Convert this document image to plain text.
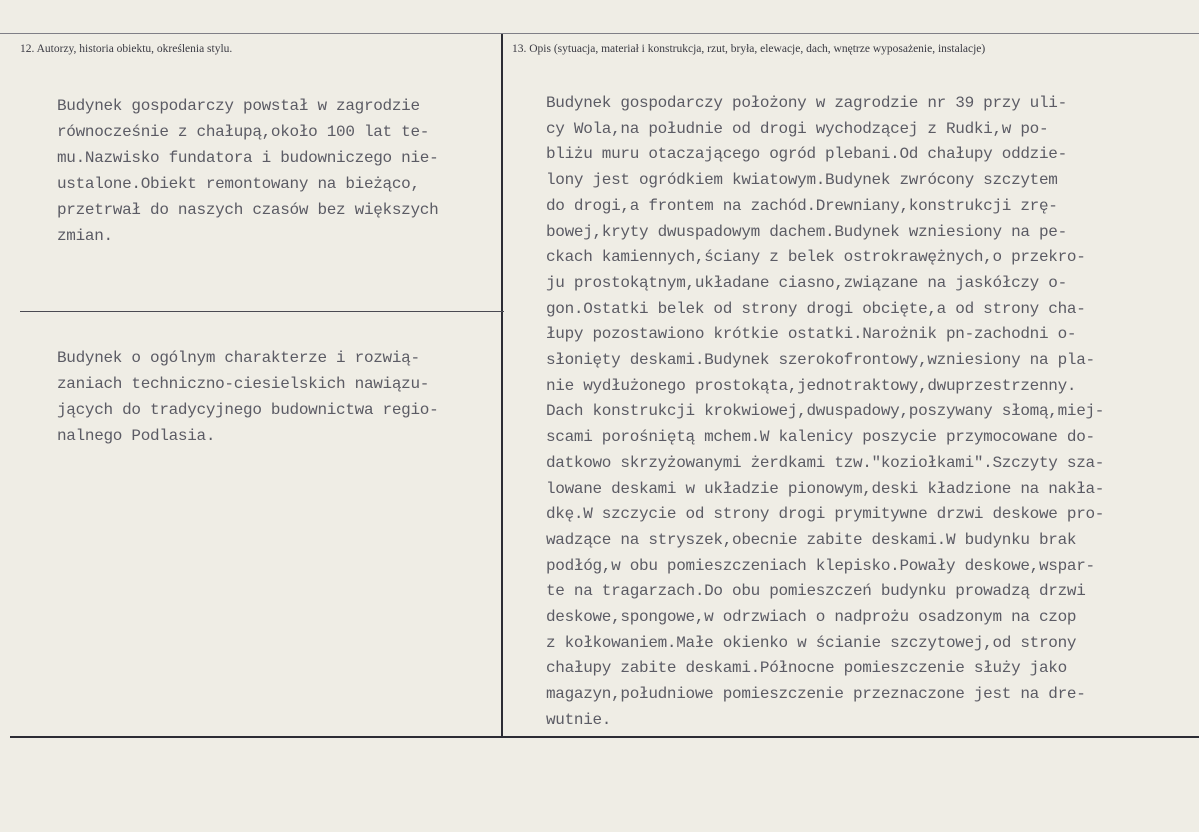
12. Autorzy, historia obiektu, określenia stylu.	13. Opis (sytuacja, materiał i konstrukcja, rzut, bryła, elewacje, dach, wnętrze wyposażenie, instalacje)
Budynek gospodarczy powstał w zagrodzie
równocześnie z chałupą,około 100 lat te-
mu.Nazwisko fundatora i budowniczego nie-
ustalone.Obiekt remontowany na bieżąco,
przetrwał do naszych czasów bez większych
zmian.
Budynek o ogólnym charakterze i rozwią-
zaniach techniczno-ciesielskich nawiązu-
jących do tradycyjnego budownictwa regio-
nalnego Podlasia.
Budynek gospodarczy położony w zagrodzie nr 39 przy uli-
cy Wola,na południe od drogi wychodzącej z Rudki,w po-
bliżu muru otaczającego ogród plebani.Od chałupy oddzie-
lony jest ogródkiem kwiatowym.Budynek zwrócony szczytem
do drogi,a frontem na zachód.Drewniany,konstrukcji zrę-
bowej,kryty dwuspadowym dachem.Budynek wzniesiony na pe-
ckach kamiennych,ściany z belek ostrokrawężnych,o przekro-
ju prostokątnym,układane ciasno,związane na jaskółczy o-
gon.Ostatki belek od strony drogi obcięte,a od strony cha-
łupy pozostawiono krótkie ostatki.Narożnik pn-zachodni o-
słonięty deskami.Budynek szerokofrontowy,wzniesiony na pla-
nie wydłużonego prostokąta,jednotraktowy,dwuprzestrzenny.
Dach konstrukcji krokwiowej,dwuspadowy,poszywany słomą,miej-
scami porośniętą mchem.W kalenicy poszycie przymocowane do-
datkowo skrzyżowanymi żerdkami tzw."koziołkami".Szczyty sza-
lowane deskami w układzie pionowym,deski kładzione na nakła-
dkę.W szczycie od strony drogi prymitywne drzwi deskowe pro-
wadzące na stryszek,obecnie zabite deskami.W budynku brak
podłóg,w obu pomieszczeniach klepisko.Powały deskowe,wspar-
te na tragarzach.Do obu pomieszczeń budynku prowadzą drzwi
deskowe,spongowe,w odrzwiach o nadprożu osadzonym na czop
z kołkowaniem.Małe okienko w ścianie szczytowej,od strony
chałupy zabite deskami.Północne pomieszczenie służy jako
magazyn,południowe pomieszczenie przeznaczone jest na dre-
wutnie.
